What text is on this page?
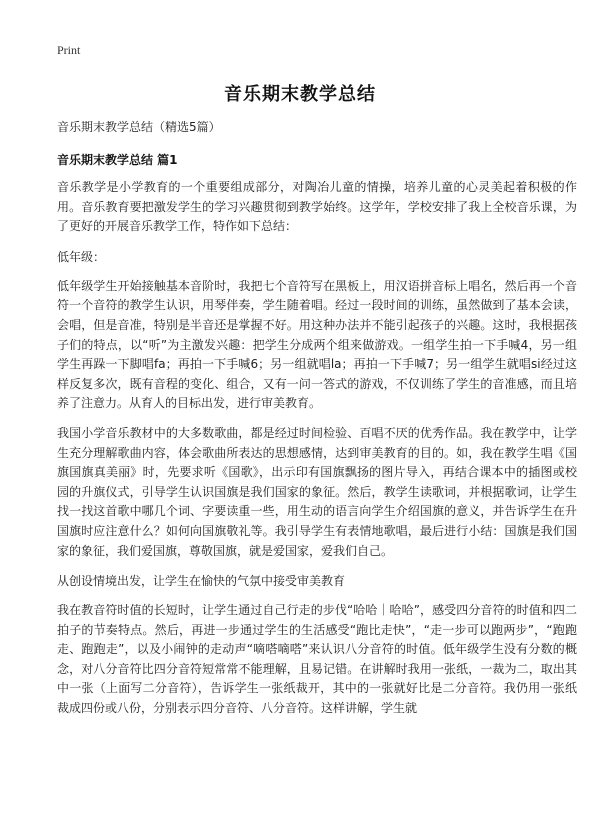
Print
音乐期末教学总结
音乐期末教学总结（精选5篇）
音乐期末教学总结 篇1
音乐教学是小学教育的一个重要组成部分，对陶冶儿童的情操，培养儿童的心灵美起着积极的作用。音乐教育要把激发学生的学习兴趣贯彻到教学始终。这学年，学校安排了我上全校音乐课，为了更好的开展音乐教学工作，特作如下总结：
低年级：
低年级学生开始接触基本音阶时，我把七个音符写在黑板上，用汉语拼音标上唱名，然后再一个音符一个音符的教学生认识，用琴伴奏，学生随着唱。经过一段时间的训练，虽然做到了基本会读，会唱，但是音准，特别是半音还是掌握不好。用这种办法并不能引起孩子的兴趣。这时，我根据孩子们的特点，以“听”为主激发兴趣：把学生分成两个组来做游戏。一组学生拍一下手喊4，另一组学生再跺一下脚唱fa；再拍一下手喊6；另一组就唱la；再拍一下手喊7；另一组学生就唱si经过这样反复多次，既有音程的变化、组合，又有一问一答式的游戏，不仅训练了学生的音准感，而且培养了注意力。从育人的目标出发，进行审美教育。
我国小学音乐教材中的大多数歌曲，都是经过时间检验、百唱不厌的优秀作品。我在教学中，让学生充分理解歌曲内容，体会歌曲所表达的思想感情，达到审美教育的目的。如，我在教学生唱《国旗国旗真美丽》时，先要求听《国歌》，出示印有国旗飘扬的图片导入，再结合课本中的插图或校园的升旗仪式，引导学生认识国旗是我们国家的象征。然后，教学生读歌词，并根据歌词，让学生找一找这首歌中哪几个词、字要读重一些，用生动的语言向学生介绍国旗的意义，并告诉学生在升国旗时应注意什么？如何向国旗敬礼等。我引导学生有表情地歌唱，最后进行小结：国旗是我们国家的象征，我们爱国旗，尊敬国旗，就是爱国家，爱我们自己。
从创设情境出发，让学生在愉快的气氛中接受审美教育
我在教音符时值的长短时，让学生通过自己行走的步伐“哈哈｜哈哈”，感受四分音符的时值和四二拍子的节奏特点。然后，再进一步通过学生的生活感受“跑比走快”，“走一步可以跑两步”，“跑跑走、跑跑走”，以及小闹钟的走动声“嘀嗒嘀嗒”来认识八分音符的时值。低年级学生没有分数的概念，对八分音符比四分音符短常常不能理解，且易记错。在讲解时我用一张纸，一裁为二，取出其中一张（上面写二分音符），告诉学生一张纸裁开，其中的一张就好比是二分音符。我仍用一张纸裁成四份或八份，分别表示四分音符、八分音符。这样讲解，学生就
